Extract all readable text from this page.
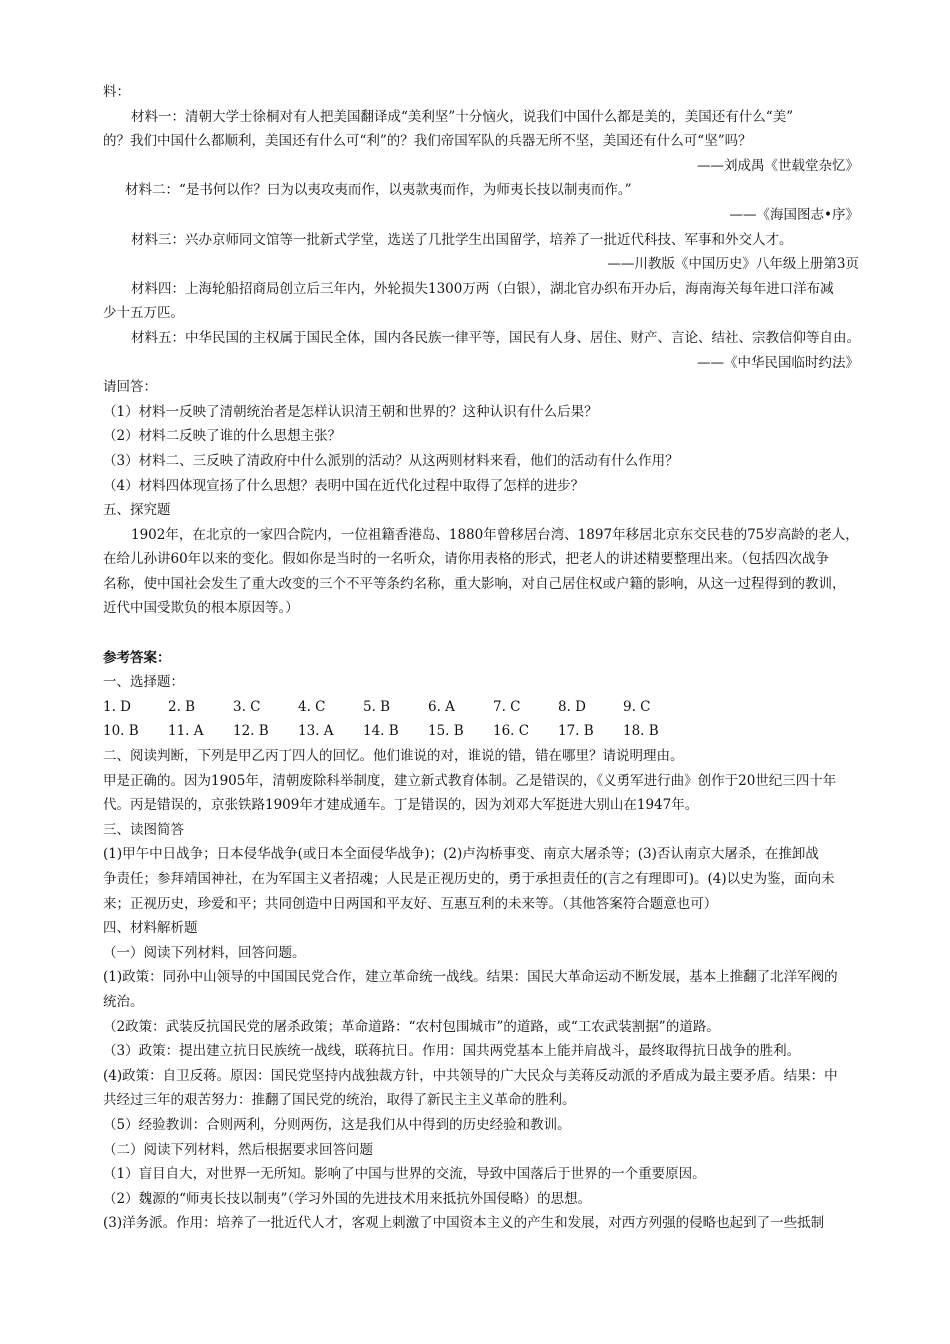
料：

材料一：清朝大学士徐桐对有人把美国翻译成“美利坚”十分恼火，说我们中国什么都是美的，美国还有什么“美”

的？我们中国什么都顺利，美国还有什么可“利”的？我们帝国军队的兵器无所不坚，美国还有什么可“坚”吗？

——刘成禺《世载堂杂忆》

材料二：“是书何以作？曰为以夷攻夷而作，以夷款夷而作，为师夷长技以制夷而作。”

——《海国图志•序》

材料三：兴办京师同文馆等一批新式学堂，选送了几批学生出国留学，培养了一批近代科技、军事和外交人才。

——川教版《中国历史》八年级上册第3页

材料四：上海轮船招商局创立后三年内，外轮损失1300万两（白银），湖北官办织布开办后，海南海关每年进口洋布减

少十五万匹。

材料五：中华民国的主权属于国民全体，国内各民族一律平等，国民有人身、居住、财产、言论、结社、宗教信仰等自由。

——《中华民国临时约法》

请回答：

（1）材料一反映了清朝统治者是怎样认识清王朝和世界的？这种认识有什么后果？

（2）材料二反映了谁的什么思想主张？

（3）材料二、三反映了清政府中什么派别的活动？从这两则材料来看，他们的活动有什么作用？

（4）材料四体现宣扬了什么思想？表明中国在近代化过程中取得了怎样的进步？

五、探究题

1902年，在北京的一家四合院内，一位祖籍香港岛、1880年曾移居台湾、1897年移居北京东交民巷的75岁高龄的老人，

在给儿孙讲60年以来的变化。假如你是当时的一名听众，请你用表格的形式，把老人的讲述精要整理出来。（包括四次战争

名称，使中国社会发生了重大改变的三个不平等条约名称，重大影响，对自己居住权或户籍的影响，从这一过程得到的教训，

近代中国受欺负的根本原因等。）

参考答案：

一、选择题：

1. D	2. B	3. C	4. C	5. B	6. A	7. C	8. D	9. C
10. B	11. A	12. B	13. A	14. B	15. B	16. C	17. B	18. B

二、阅读判断，下列是甲乙丙丁四人的回忆。他们谁说的对，谁说的错，错在哪里？请说明理由。

甲是正确的。因为1905年，清朝废除科举制度，建立新式教育体制。乙是错误的，《义勇军进行曲》创作于20世纪三四十年

代。丙是错误的，京张铁路1909年才建成通车。丁是错误的，因为刘邓大军挺进大别山在1947年。

三、读图简答

(1)甲午中日战争；日本侵华战争(或日本全面侵华战争)；(2)卢沟桥事变、南京大屠杀等；(3)否认南京大屠杀，在推卸战

争责任；参拜靖国神社，在为军国主义者招魂；人民是正视历史的，勇于承担责任的(言之有理即可)。(4)以史为鉴，面向未

来；正视历史，珍爱和平；共同创造中日两国和平友好、互惠互利的未来等。（其他答案符合题意也可）

四、材料解析题

（一）阅读下列材料，回答问题。

(1)政策：同孙中山领导的中国国民党合作，建立革命统一战线。结果：国民大革命运动不断发展，基本上推翻了北洋军阀的

统治。

（2政策：武装反抗国民党的屠杀政策；革命道路：“农村包围城市”的道路，或“工农武装割据”的道路。

（3）政策：提出建立抗日民族统一战线，联蒋抗日。作用：国共两党基本上能并肩战斗，最终取得抗日战争的胜利。

(4)政策：自卫反蒋。原因：国民党坚持内战独裁方针，中共领导的广大民众与美蒋反动派的矛盾成为最主要矛盾。结果：中

共经过三年的艰苦努力：推翻了国民党的统治，取得了新民主主义革命的胜利。

（5）经验教训：合则两利，分则两伤，这是我们从中得到的历史经验和教训。

（二）阅读下列材料，然后根据要求回答问题

（1）盲目自大，对世界一无所知。影响了中国与世界的交流，导致中国落后于世界的一个重要原因。

（2）魏源的“师夷长技以制夷”（学习外国的先进技术用来抵抗外国侵略）的思想。

(3)洋务派。作用：培养了一批近代人才，客观上刺激了中国资本主义的产生和发展，对西方列强的侵略也起到了一些抵制
